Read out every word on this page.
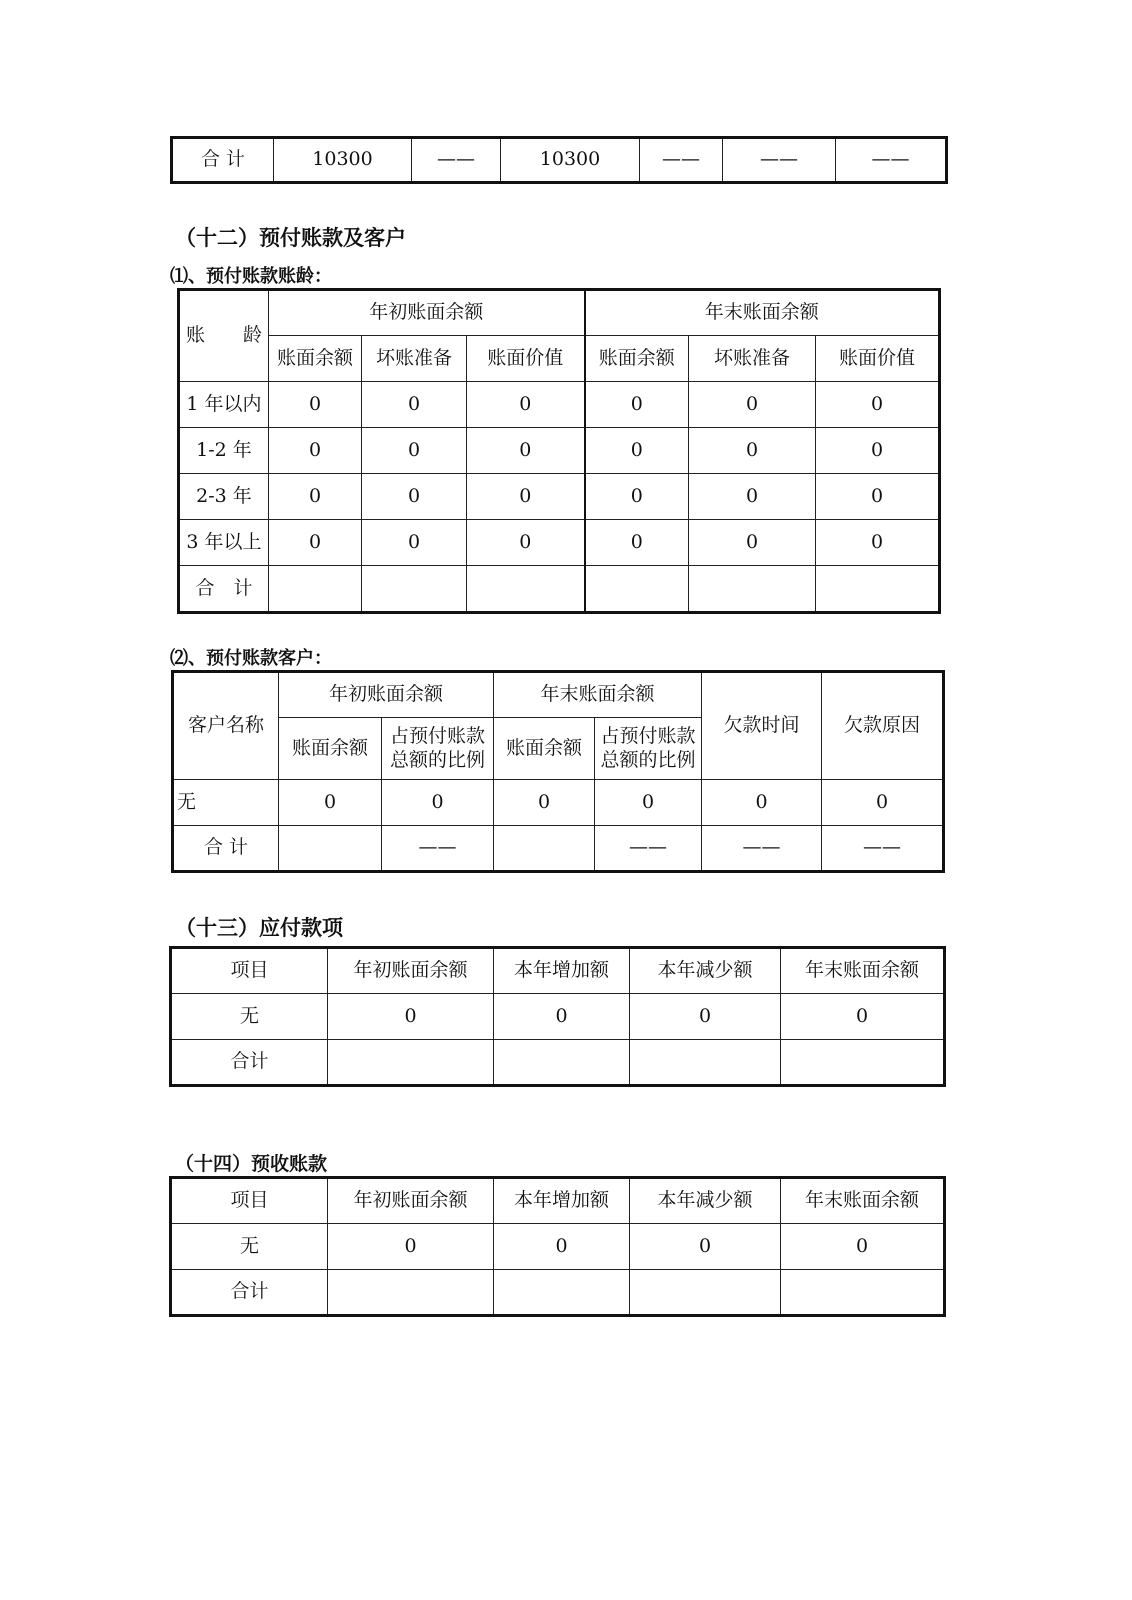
合 计	10300	——	10300	——	——	——

（十二）预付账款及客户

⑴、预付账款账龄：

账　　龄	年初账面余额			年末账面余额		
	账面余额	坏账准备	账面价值	账面余额	坏账准备	账面价值
1 年以内	0	0	0	0	0	0
1-2 年	0	0	0	0	0	0
2-3 年	0	0	0	0	0	0
3 年以上	0	0	0	0	0	0
合　计						

⑵、预付账款客户：

客户名称	年初账面余额		年末账面余额		欠款时间	欠款原因
	账面余额	占预付账款总额的比例	账面余额	占预付账款总额的比例		
无	0	0	0	0	0	0
合 计		——		——	——	——

（十三）应付款项

项目	年初账面余额	本年增加额	本年减少额	年末账面余额
无	0	0	0	0
合计				

（十四）预收账款

项目	年初账面余额	本年增加额	本年减少额	年末账面余额
无	0	0	0	0
合计				
